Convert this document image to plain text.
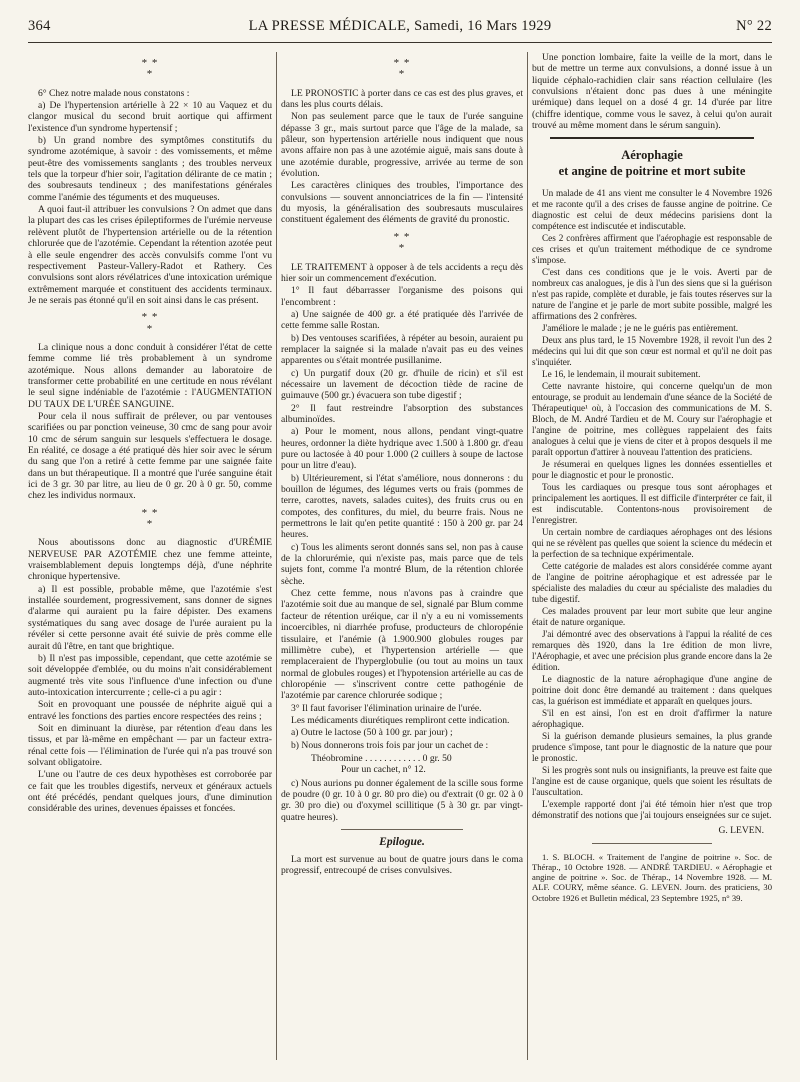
364	LA PRESSE MÉDICALE, Samedi, 16 Mars 1929	N° 22
* *
*

6° Chez notre malade nous constatons :

a) De l'hypertension artérielle à 22 × 10 au Vaquez et du clangor musical du second bruit aortique qui affirment l'existence d'un syndrome hypertensif ;

b) Un grand nombre des symptômes constitutifs du syndrome azotémique, à savoir : des vomissements, et même peut-être des vomissements sanglants ; des troubles nerveux tels que la torpeur d'hier soir, l'agitation délirante de ce matin ; des soubresauts tendineux ; des manifestations générales comme l'anémie des téguments et des muqueuses.

A quoi faut-il attribuer les convulsions ? On admet que dans la plupart des cas les crises épileptiformes de l'urémie nerveuse relèvent plutôt de l'hypertension artérielle ou de la rétention chlorurée que de l'azotémie. Cependant la rétention azotée peut à elle seule engendrer des accès convulsifs comme l'ont vu respectivement Pasteur-Vallery-Radot et Rathery. Ces convulsions sont alors révélatrices d'une intoxication urémique extrêmement marquée et constituent des accidents terminaux. Je ne serais pas étonné qu'il en soit ainsi dans le cas présent.

* *
*

La clinique nous a donc conduit à considérer l'état de cette femme comme lié très probablement à un syndrome azotémique. Nous allons demander au laboratoire de transformer cette probabilité en une certitude en nous révélant le seul signe indéniable de l'azotémie : l'AUGMENTATION DU TAUX DE L'URÉE SANGUINE.

Pour cela il nous suffirait de prélever, ou par ventouses scarifiées ou par ponction veineuse, 30 cmc de sang pour avoir 10 cmc de sérum sanguin sur lesquels s'effectuera le dosage. En réalité, ce dosage a été pratiqué dès hier soir avec le sérum du sang que l'on a retiré à cette femme par une saignée faite dans un but thérapeutique. Il a montré que l'urée sanguine était ici de 3 gr. 30 par litre, au lieu de 0 gr. 20 à 0 gr. 50, comme chez les individus normaux.

* *
*

Nous aboutissons donc au diagnostic d'URÉMIE NERVEUSE PAR AZOTÉMIE chez une femme atteinte, vraisemblablement depuis longtemps déjà, d'une néphrite chronique hypertensive.

a) Il est possible, probable même, que l'azotémie s'est installée sourdement, progressivement, sans donner de signes d'alarme qui auraient pu la faire dépister. Des examens systématiques du sang avec dosage de l'urée auraient pu la révéler si cette personne avait été suivie de près comme elle aurait dû l'être, en tant que brightique.

b) Il n'est pas impossible, cependant, que cette azotémie se soit développée d'emblée, ou du moins n'ait considérablement augmenté très vite sous l'influence d'une infection ou d'une auto-intoxication intercurrente ; celle-ci a pu agir :

Soit en provoquant une poussée de néphrite aiguë qui a entravé les fonctions des parties encore respectées des reins ;

Soit en diminuant la diurèse, par rétention d'eau dans les tissus, et par là-même en empêchant — par un facteur extra-rénal cette fois — l'élimination de l'urée qui n'a pas trouvé son solvant obligatoire.

L'une ou l'autre de ces deux hypothèses est corroborée par ce fait que les troubles digestifs, nerveux et généraux actuels ont été précédés, pendant quelques jours, d'une diminution considérable des urines, devenues épaisses et foncées.

* *
*

LE PRONOSTIC à porter dans ce cas est des plus graves, et dans les plus courts délais.

Non pas seulement parce que le taux de l'urée sanguine dépasse 3 gr., mais surtout parce que l'âge de la malade, sa pâleur, son hypertension artérielle nous indiquent que nous avons affaire non pas à une azotémie aiguë, mais sans doute à une azotémie durable, progressive, arrivée au terme de son évolution.

Les caractères cliniques des troubles, l'importance des convulsions — souvent annonciatrices de la fin — l'intensité du myosis, la généralisation des soubresauts musculaires constituent également des éléments de gravité du pronostic.

* *
*

LE TRAITEMENT à opposer à de tels accidents a reçu dès hier soir un commencement d'exécution.

1° Il faut débarrasser l'organisme des poisons qui l'encombrent :

a) Une saignée de 400 gr. a été pratiquée dès l'arrivée de cette femme salle Rostan.

b) Des ventouses scarifiées, à répéter au besoin, auraient pu remplacer la saignée si la malade n'avait pas eu des veines apparentes ou s'était montrée pusillanime.

c) Un purgatif doux (20 gr. d'huile de ricin) et s'il est nécessaire un lavement de décoction tiède de racine de guimauve (500 gr.) évacuera son tube digestif ;

2° Il faut restreindre l'absorption des substances albuminoïdes.

a) Pour le moment, nous allons, pendant vingt-quatre heures, ordonner la diète hydrique avec 1.500 à 1.800 gr. d'eau pure ou lactosée à 40 pour 1.000 (2 cuillers à soupe de lactose pour un litre d'eau).

b) Ultérieurement, si l'état s'améliore, nous donnerons : du bouillon de légumes, des légumes verts ou frais (pommes de terre, carottes, navets, salades cuites), des fruits crus ou en compotes, des confitures, du miel, du beurre frais. Nous ne permettrons le lait qu'en petite quantité : 150 à 200 gr. par 24 heures.

c) Tous les aliments seront donnés sans sel, non pas à cause de la chlorurémie, qui n'existe pas, mais parce que de tels sujets font, comme l'a montré Blum, de la rétention chlorée sèche.

Chez cette femme, nous n'avons pas à craindre que l'azotémie soit due au manque de sel, signalé par Blum comme facteur de rétention uréique, car il n'y a eu ni vomissements incoercibles, ni diarrhée profuse, producteurs de chloropénie tissulaire, et l'anémie (à 1.900.900 globules rouges par millimètre cube), et l'hypertension artérielle — que remplaceraient de l'hyperglobulie (ou tout au moins un taux normal de globules rouges) et l'hypotension artérielle au cas de chloropénie — s'inscrivent contre cette pathogénie de l'azotémie par carence chlorurée sodique ;

3° Il faut favoriser l'élimination urinaire de l'urée.

Les médicaments diurétiques rempliront cette indication.

a) Outre le lactose (50 à 100 gr. par jour) ;

b) Nous donnerons trois fois par jour un cachet de :

Théobromine . . . . . . . . . . . . 0 gr. 50
Pour un cachet, n° 12.

c) Nous aurions pu donner également de la scille sous forme de poudre (0 gr. 10 à 0 gr. 80 pro die) ou d'extrait (0 gr. 02 à 0 gr. 30 pro die) ou d'oxymel scillitique (5 à 30 gr. par vingt-quatre heures).

Epilogue.

La mort est survenue au bout de quatre jours dans le coma progressif, entrecoupé de crises convulsives.

Une ponction lombaire, faite la veille de la mort, dans le but de mettre un terme aux convulsions, a donné issue à un liquide céphalo-rachidien clair sans réaction cellulaire (les convulsions n'étaient donc pas dues à une méningite urémique) dans lequel on a dosé 4 gr. 14 d'urée par litre (chiffre identique, comme vous le savez, à celui qu'on aurait trouvé au même moment dans le sérum sanguin).

Aérophagie
et angine de poitrine et mort subite

Un malade de 41 ans vient me consulter le 4 Novembre 1926 et me raconte qu'il a des crises de fausse angine de poitrine. Ce diagnostic est celui de deux médecins parisiens dont la compétence est indiscutée et indiscutable.

Ces 2 confrères affirment que l'aérophagie est responsable de ces crises et qu'un traitement méthodique de ce syndrome s'impose.

C'est dans ces conditions que je le vois. Averti par de nombreux cas analogues, je dis à l'un des siens que si la guérison n'est pas rapide, complète et durable, je fais toutes réserves sur la nature de l'angine et je parle de mort subite possible, malgré les affirmations des 2 confrères.

J'améliore le malade ; je ne le guéris pas entièrement.

Deux ans plus tard, le 15 Novembre 1928, il revoit l'un des 2 médecins qui lui dit que son cœur est normal et qu'il ne doit pas s'inquiéter.

Le 16, le lendemain, il mourait subitement.

Cette navrante histoire, qui concerne quelqu'un de mon entourage, se produit au lendemain d'une séance de la Société de Thérapeutique¹ où, à l'occasion des communications de M. S. Bloch, de M. André Tardieu et de M. Coury sur l'aérophagie et l'angine de poitrine, mes collègues rappelaient des faits analogues à celui que je viens de citer et à propos desquels il me paraît opportun d'attirer à nouveau l'attention des praticiens.

Je résumerai en quelques lignes les données essentielles et pour le diagnostic et pour le pronostic.

Tous les cardiaques ou presque tous sont aérophages et principalement les aortiques. Il est difficile d'interpréter ce fait, il est indiscutable. Contentons-nous provisoirement de l'enregistrer.

Un certain nombre de cardiaques aérophages ont des lésions qui ne se révèlent pas quelles que soient la science du médecin et la perfection de sa technique expérimentale.

Cette catégorie de malades est alors considérée comme ayant de l'angine de poitrine aérophagique et est adressée par le spécialiste des maladies du cœur au spécialiste des maladies du tube digestif.

Ces malades prouvent par leur mort subite que leur angine était de nature organique.

J'ai démontré avec des observations à l'appui la réalité de ces remarques dès 1920, dans la 1re édition de mon livre, l'Aérophagie, et avec une précision plus grande encore dans la 2e édition.

Le diagnostic de la nature aérophagique d'une angine de poitrine doit donc être demandé au traitement : dans quelques cas, la guérison est immédiate et apparaît en quelques jours.

S'il en est ainsi, l'on est en droit d'affirmer la nature aérophagique.

Si la guérison demande plusieurs semaines, la plus grande prudence s'impose, tant pour le diagnostic de la nature que pour le pronostic.

Si les progrès sont nuls ou insignifiants, la preuve est faite que l'angine est de cause organique, quels que soient les résultats de l'auscultation.

L'exemple rapporté dont j'ai été témoin hier n'est que trop démonstratif des notions que j'ai toujours enseignées sur ce sujet.

G. LEVEN.

1. S. BLOCH. « Traitement de l'angine de poitrine ». Soc. de Thérap., 10 Octobre 1928. — ANDRÉ TARDIEU. « Aérophagie et angine de poitrine ». Soc. de Thérap., 14 Novembre 1928. — M. ALF. COURY, même séance. G. LEVEN. Journ. des praticiens, 30 Octobre 1926 et Bulletin médical, 23 Septembre 1925, n° 39.
